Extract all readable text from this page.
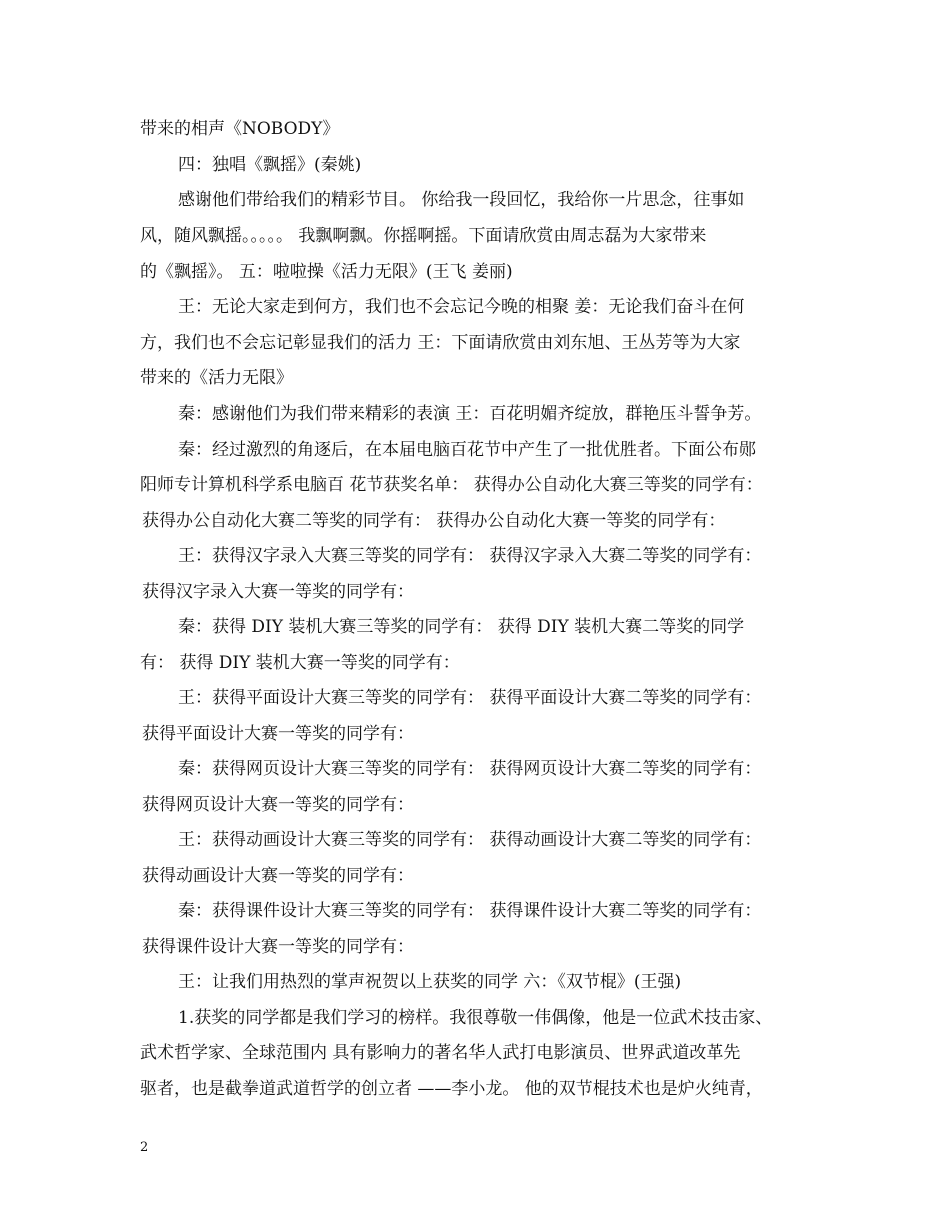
带来的相声《NOBODY》
四：独唱《飘摇》(秦姚)
感谢他们带给我们的精彩节目。 你给我一段回忆，我给你一片思念，往事如
风，随风飘摇。。。。。 我飘啊飘。你摇啊摇。下面请欣赏由周志磊为大家带来
的《飘摇》。 五：啦啦操《活力无限》(王飞 姜丽)
王：无论大家走到何方，我们也不会忘记今晚的相聚 姜：无论我们奋斗在何
方，我们也不会忘记彰显我们的活力 王：下面请欣赏由刘东旭、王丛芳等为大家
带来的《活力无限》
秦：感谢他们为我们带来精彩的表演 王：百花明媚齐绽放，群艳压斗誓争芳。
秦：经过激烈的角逐后，在本届电脑百花节中产生了一批优胜者。下面公布郧
阳师专计算机科学系电脑百 花节获奖名单： 获得办公自动化大赛三等奖的同学有：
获得办公自动化大赛二等奖的同学有： 获得办公自动化大赛一等奖的同学有：
王：获得汉字录入大赛三等奖的同学有： 获得汉字录入大赛二等奖的同学有：
获得汉字录入大赛一等奖的同学有：
秦：获得 DIY 装机大赛三等奖的同学有： 获得 DIY 装机大赛二等奖的同学
有： 获得 DIY 装机大赛一等奖的同学有：
王：获得平面设计大赛三等奖的同学有： 获得平面设计大赛二等奖的同学有：
获得平面设计大赛一等奖的同学有：
秦：获得网页设计大赛三等奖的同学有： 获得网页设计大赛二等奖的同学有：
获得网页设计大赛一等奖的同学有：
王：获得动画设计大赛三等奖的同学有： 获得动画设计大赛二等奖的同学有：
获得动画设计大赛一等奖的同学有：
秦：获得课件设计大赛三等奖的同学有： 获得课件设计大赛二等奖的同学有：
获得课件设计大赛一等奖的同学有：
王：让我们用热烈的掌声祝贺以上获奖的同学 六：《双节棍》(王强)
1.获奖的同学都是我们学习的榜样。我很尊敬一伟偶像，他是一位武术技击家、
武术哲学家、全球范围内 具有影响力的著名华人武打电影演员、世界武道改革先
驱者，也是截拳道武道哲学的创立者 ——李小龙。 他的双节棍技术也是炉火纯青，
2
